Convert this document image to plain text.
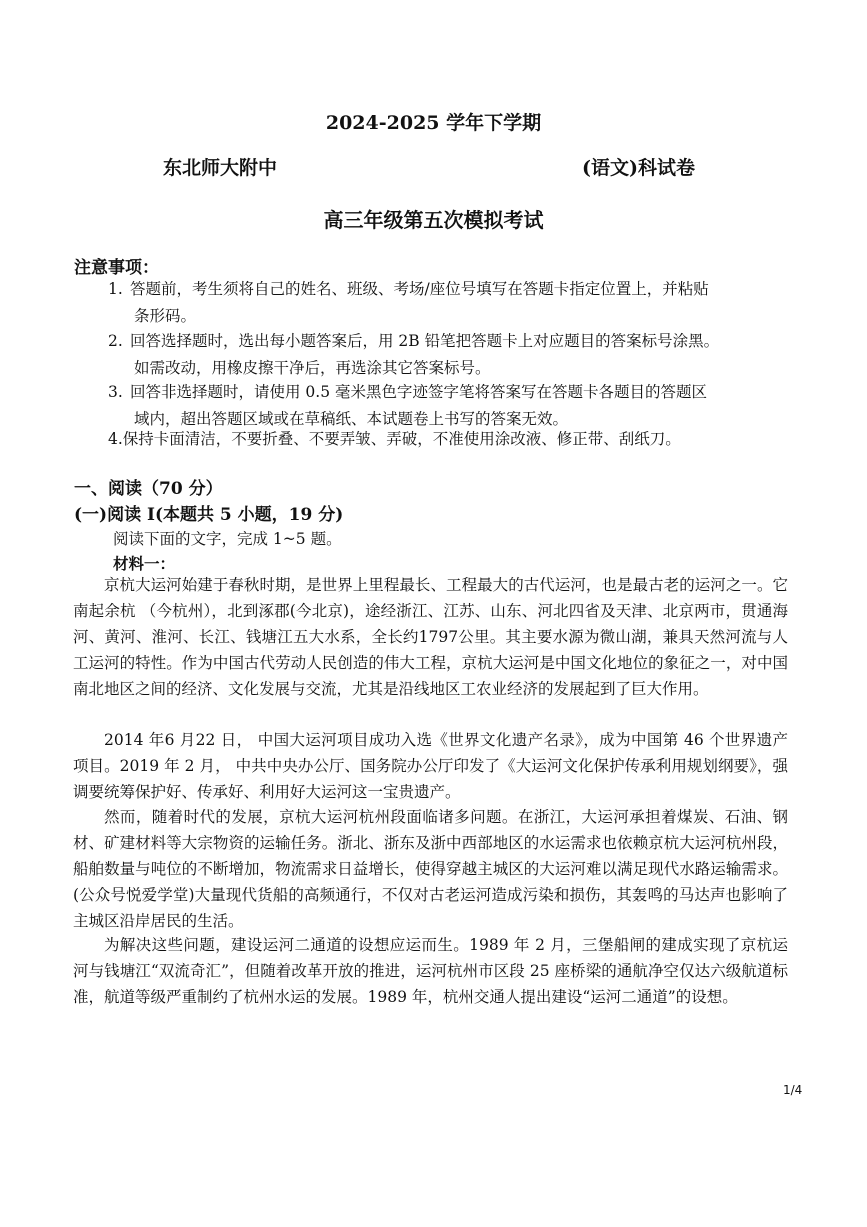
2024-2025 学年下学期
东北师大附中	(语文)科试卷
高三年级第五次模拟考试
注意事项：
1. 答题前，考生须将自己的姓名、班级、考场/座位号填写在答题卡指定位置上，并粘贴
条形码。
2. 回答选择题时，选出每小题答案后，用 2B 铅笔把答题卡上对应题目的答案标号涂黑。
如需改动，用橡皮擦干净后，再选涂其它答案标号。
3. 回答非选择题时，请使用 0.5 毫米黑色字迹签字笔将答案写在答题卡各题目的答题区
域内，超出答题区域或在草稿纸、本试题卷上书写的答案无效。
4.保持卡面清洁，不要折叠、不要弄皱、弄破，不准使用涂改液、修正带、刮纸刀。
一、阅读（70 分）
(一)阅读 I(本题共 5 小题，19 分)
阅读下面的文字，完成 1~5 题。
材料一：

京杭大运河始建于春秋时期，是世界上里程最长、工程最大的古代运河，也是最古老的运河之一。它南起余杭 （今杭州），北到涿郡(今北京)，途经浙江、江苏、山东、河北四省及天津、北京两市，贯通海河、黄河、淮河、长江、钱塘江五大水系，全长约1797公里。其主要水源为微山湖，兼具天然河流与人工运河的特性。作为中国古代劳动人民创造的伟大工程，京杭大运河是中国文化地位的象征之一，对中国南北地区之间的经济、文化发展与交流，尤其是沿线地区工农业经济的发展起到了巨大作用。

2014 年6 月22 日， 中国大运河项目成功入选《世界文化遗产名录》，成为中国第 46 个世界遗产项目。2019 年 2 月， 中共中央办公厅、国务院办公厅印发了《大运河文化保护传承利用规划纲要》，强调要统筹保护好、传承好、利用好大运河这一宝贵遗产。

然而，随着时代的发展，京杭大运河杭州段面临诸多问题。在浙江，大运河承担着煤炭、石油、钢材、矿建材料等大宗物资的运输任务。浙北、浙东及浙中西部地区的水运需求也依赖京杭大运河杭州段，船舶数量与吨位的不断增加，物流需求日益增长，使得穿越主城区的大运河难以满足现代水路运输需求。(公众号悦爱学堂)大量现代货船的高频通行，不仅对古老运河造成污染和损伤，其轰鸣的马达声也影响了主城区沿岸居民的生活。

为解决这些问题，建设运河二通道的设想应运而生。1989 年 2 月，三堡船闸的建成实现了京杭运河与钱塘江“双流奇汇”，但随着改革开放的推进，运河杭州市区段 25 座桥梁的通航净空仅达六级航道标准，航道等级严重制约了杭州水运的发展。1989 年，杭州交通人提出建设“运河二通道”的设想。

1/4
